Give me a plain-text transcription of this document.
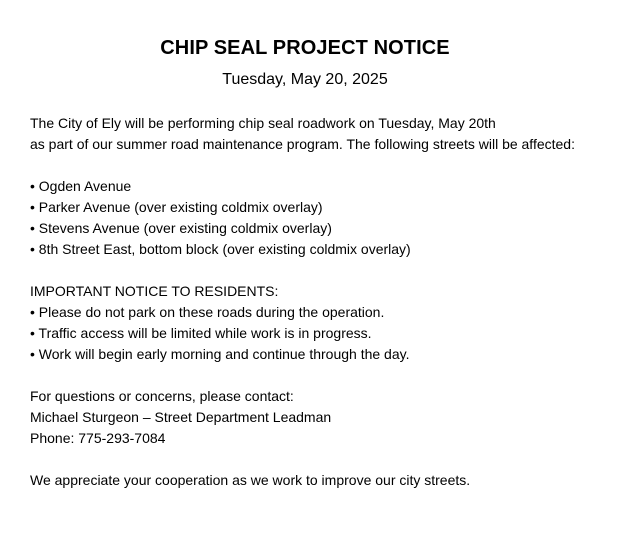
CHIP SEAL PROJECT NOTICE
Tuesday, May 20, 2025
The City of Ely will be performing chip seal roadwork on Tuesday, May 20th
as part of our summer road maintenance program. The following streets will be affected:
• Ogden Avenue
• Parker Avenue (over existing coldmix overlay)
• Stevens Avenue (over existing coldmix overlay)
• 8th Street East, bottom block (over existing coldmix overlay)
IMPORTANT NOTICE TO RESIDENTS:
• Please do not park on these roads during the operation.
• Traffic access will be limited while work is in progress.
• Work will begin early morning and continue through the day.
For questions or concerns, please contact:
Michael Sturgeon – Street Department Leadman
Phone: 775-293-7084
We appreciate your cooperation as we work to improve our city streets.
